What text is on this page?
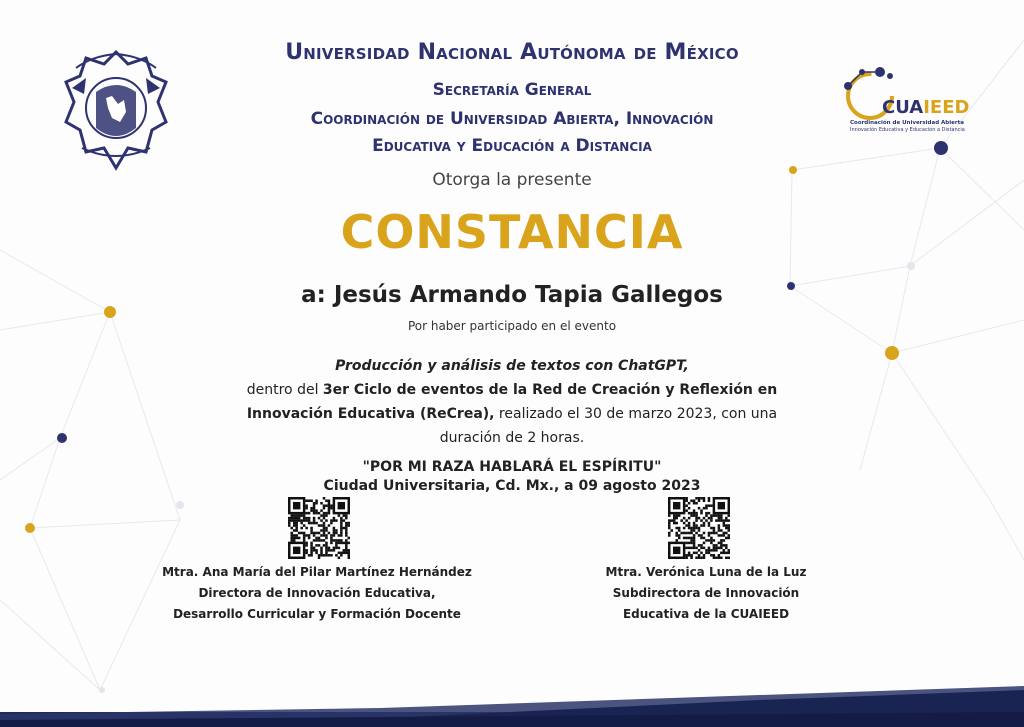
CUAIEED
Coordinación de Universidad Abierta
Innovación Educativa y Educación a Distancia
Universidad Nacional Autónoma de México
Secretaría General
Coordinación de Universidad Abierta, Innovación
Educativa y Educación a Distancia
Otorga la presente
CONSTANCIA
a: Jesús Armando Tapia Gallegos
Por haber participado en el evento
Producción y análisis de textos con ChatGPT,
dentro del 3er Ciclo de eventos de la Red de Creación y Reflexión en Innovación Educativa (ReCrea), realizado el 30 de marzo 2023, con una duración de 2 horas.
"POR MI RAZA HABLARÁ EL ESPÍRITU"
Ciudad Universitaria, Cd. Mx., a 09 agosto 2023
Mtra. Ana María del Pilar Martínez Hernández
Directora de Innovación Educativa,
Desarrollo Curricular y Formación Docente
Mtra. Verónica Luna de la Luz
Subdirectora de Innovación
Educativa de la CUAIEED
